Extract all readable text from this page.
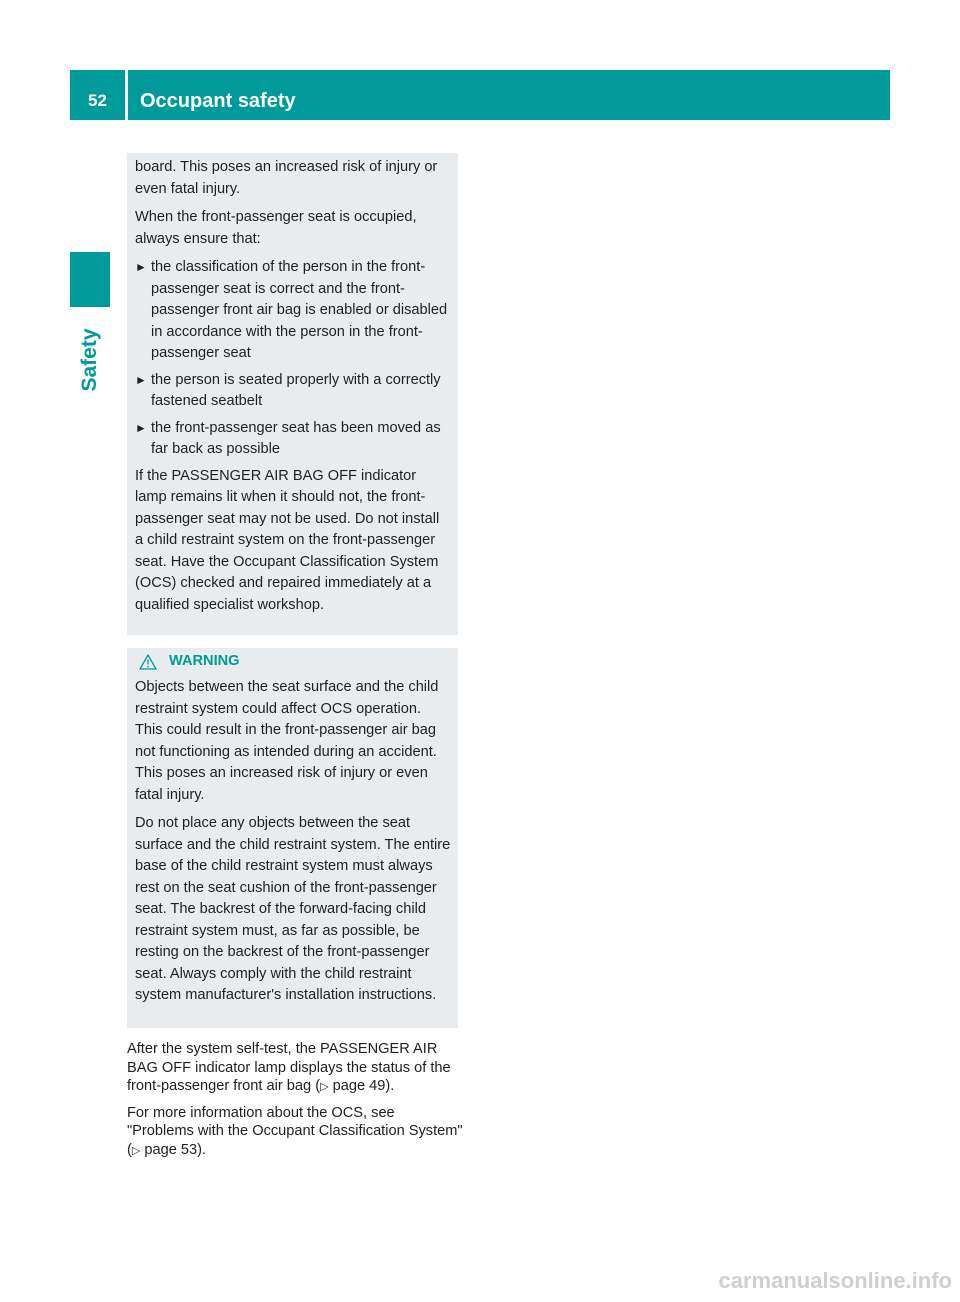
52	Occupant safety
Safety

board. This poses an increased risk of injury or even fatal injury.

When the front-passenger seat is occupied, always ensure that:

► the classification of the person in the front-passenger seat is correct and the front-passenger front air bag is enabled or disabled in accordance with the person in the front-passenger seat
► the person is seated properly with a correctly fastened seatbelt
► the front-passenger seat has been moved as far back as possible

If the PASSENGER AIR BAG OFF indicator lamp remains lit when it should not, the front-passenger seat may not be used. Do not install a child restraint system on the front-passenger seat. Have the Occupant Classification System (OCS) checked and repaired immediately at a qualified specialist workshop.

WARNING

Objects between the seat surface and the child restraint system could affect OCS operation. This could result in the front-passenger air bag not functioning as intended during an accident. This poses an increased risk of injury or even fatal injury.

Do not place any objects between the seat surface and the child restraint system. The entire base of the child restraint system must always rest on the seat cushion of the front-passenger seat. The backrest of the forward-facing child restraint system must, as far as possible, be resting on the backrest of the front-passenger seat. Always comply with the child restraint system manufacturer's installation instructions.

After the system self-test, the PASSENGER AIR BAG OFF indicator lamp displays the status of the front-passenger front air bag (▷ page 49).

For more information about the OCS, see "Problems with the Occupant Classification System" (▷ page 53).

carmanualsonline.info
